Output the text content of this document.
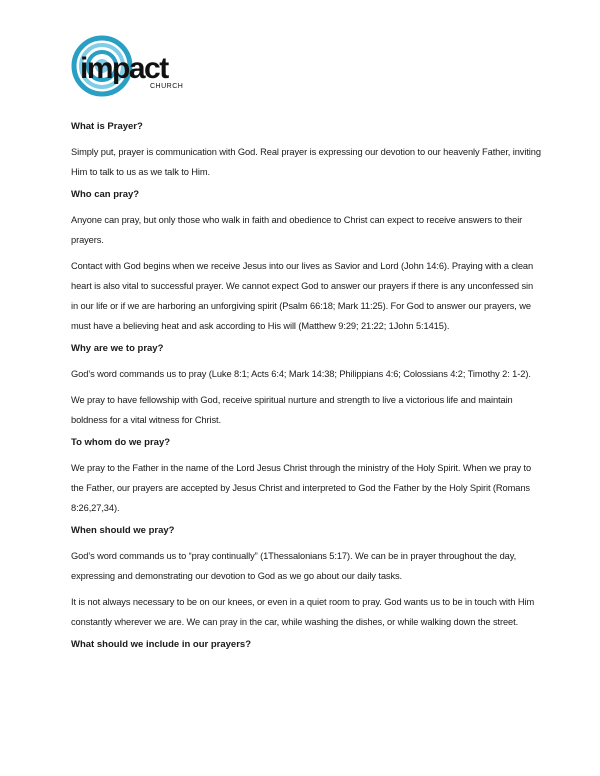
impact
CHURCH
What is Prayer?
Simply put, prayer is communication with God. Real prayer is expressing our devotion to our heavenly Father, inviting Him to talk to us as we talk to Him.
Who can pray?
Anyone can pray, but only those who walk in faith and obedience to Christ can expect to receive answers to their prayers.
Contact with God begins when we receive Jesus into our lives as Savior and Lord (John 14:6). Praying with a clean heart is also vital to successful prayer. We cannot expect God to answer our prayers if there is any unconfessed sin in our life or if we are harboring an unforgiving spirit (Psalm 66:18; Mark 11:25). For God to answer our prayers, we must have a believing heat and ask according to His will (Matthew 9:29; 21:22; 1John 5:1415).
Why are we to pray?
God’s word commands us to pray (Luke 8:1; Acts 6:4; Mark 14:38; Philippians 4:6; Colossians 4:2; Timothy 2: 1-2).
We pray to have fellowship with God, receive spiritual nurture and strength to live a victorious life and maintain boldness for a vital witness for Christ.
To whom do we pray?
We pray to the Father in the name of the Lord Jesus Christ through the ministry of the Holy Spirit. When we pray to the Father, our prayers are accepted by Jesus Christ and interpreted to God the Father by the Holy Spirit (Romans 8:26,27,34).
When should we pray?
God’s word commands us to “pray continually” (1Thessalonians 5:17). We can be in prayer throughout the day, expressing and demonstrating our devotion to God as we go about our daily tasks.
It is not always necessary to be on our knees, or even in a quiet room to pray. God wants us to be in touch with Him constantly wherever we are. We can pray in the car, while washing the dishes, or while walking down the street.
What should we include in our prayers?
